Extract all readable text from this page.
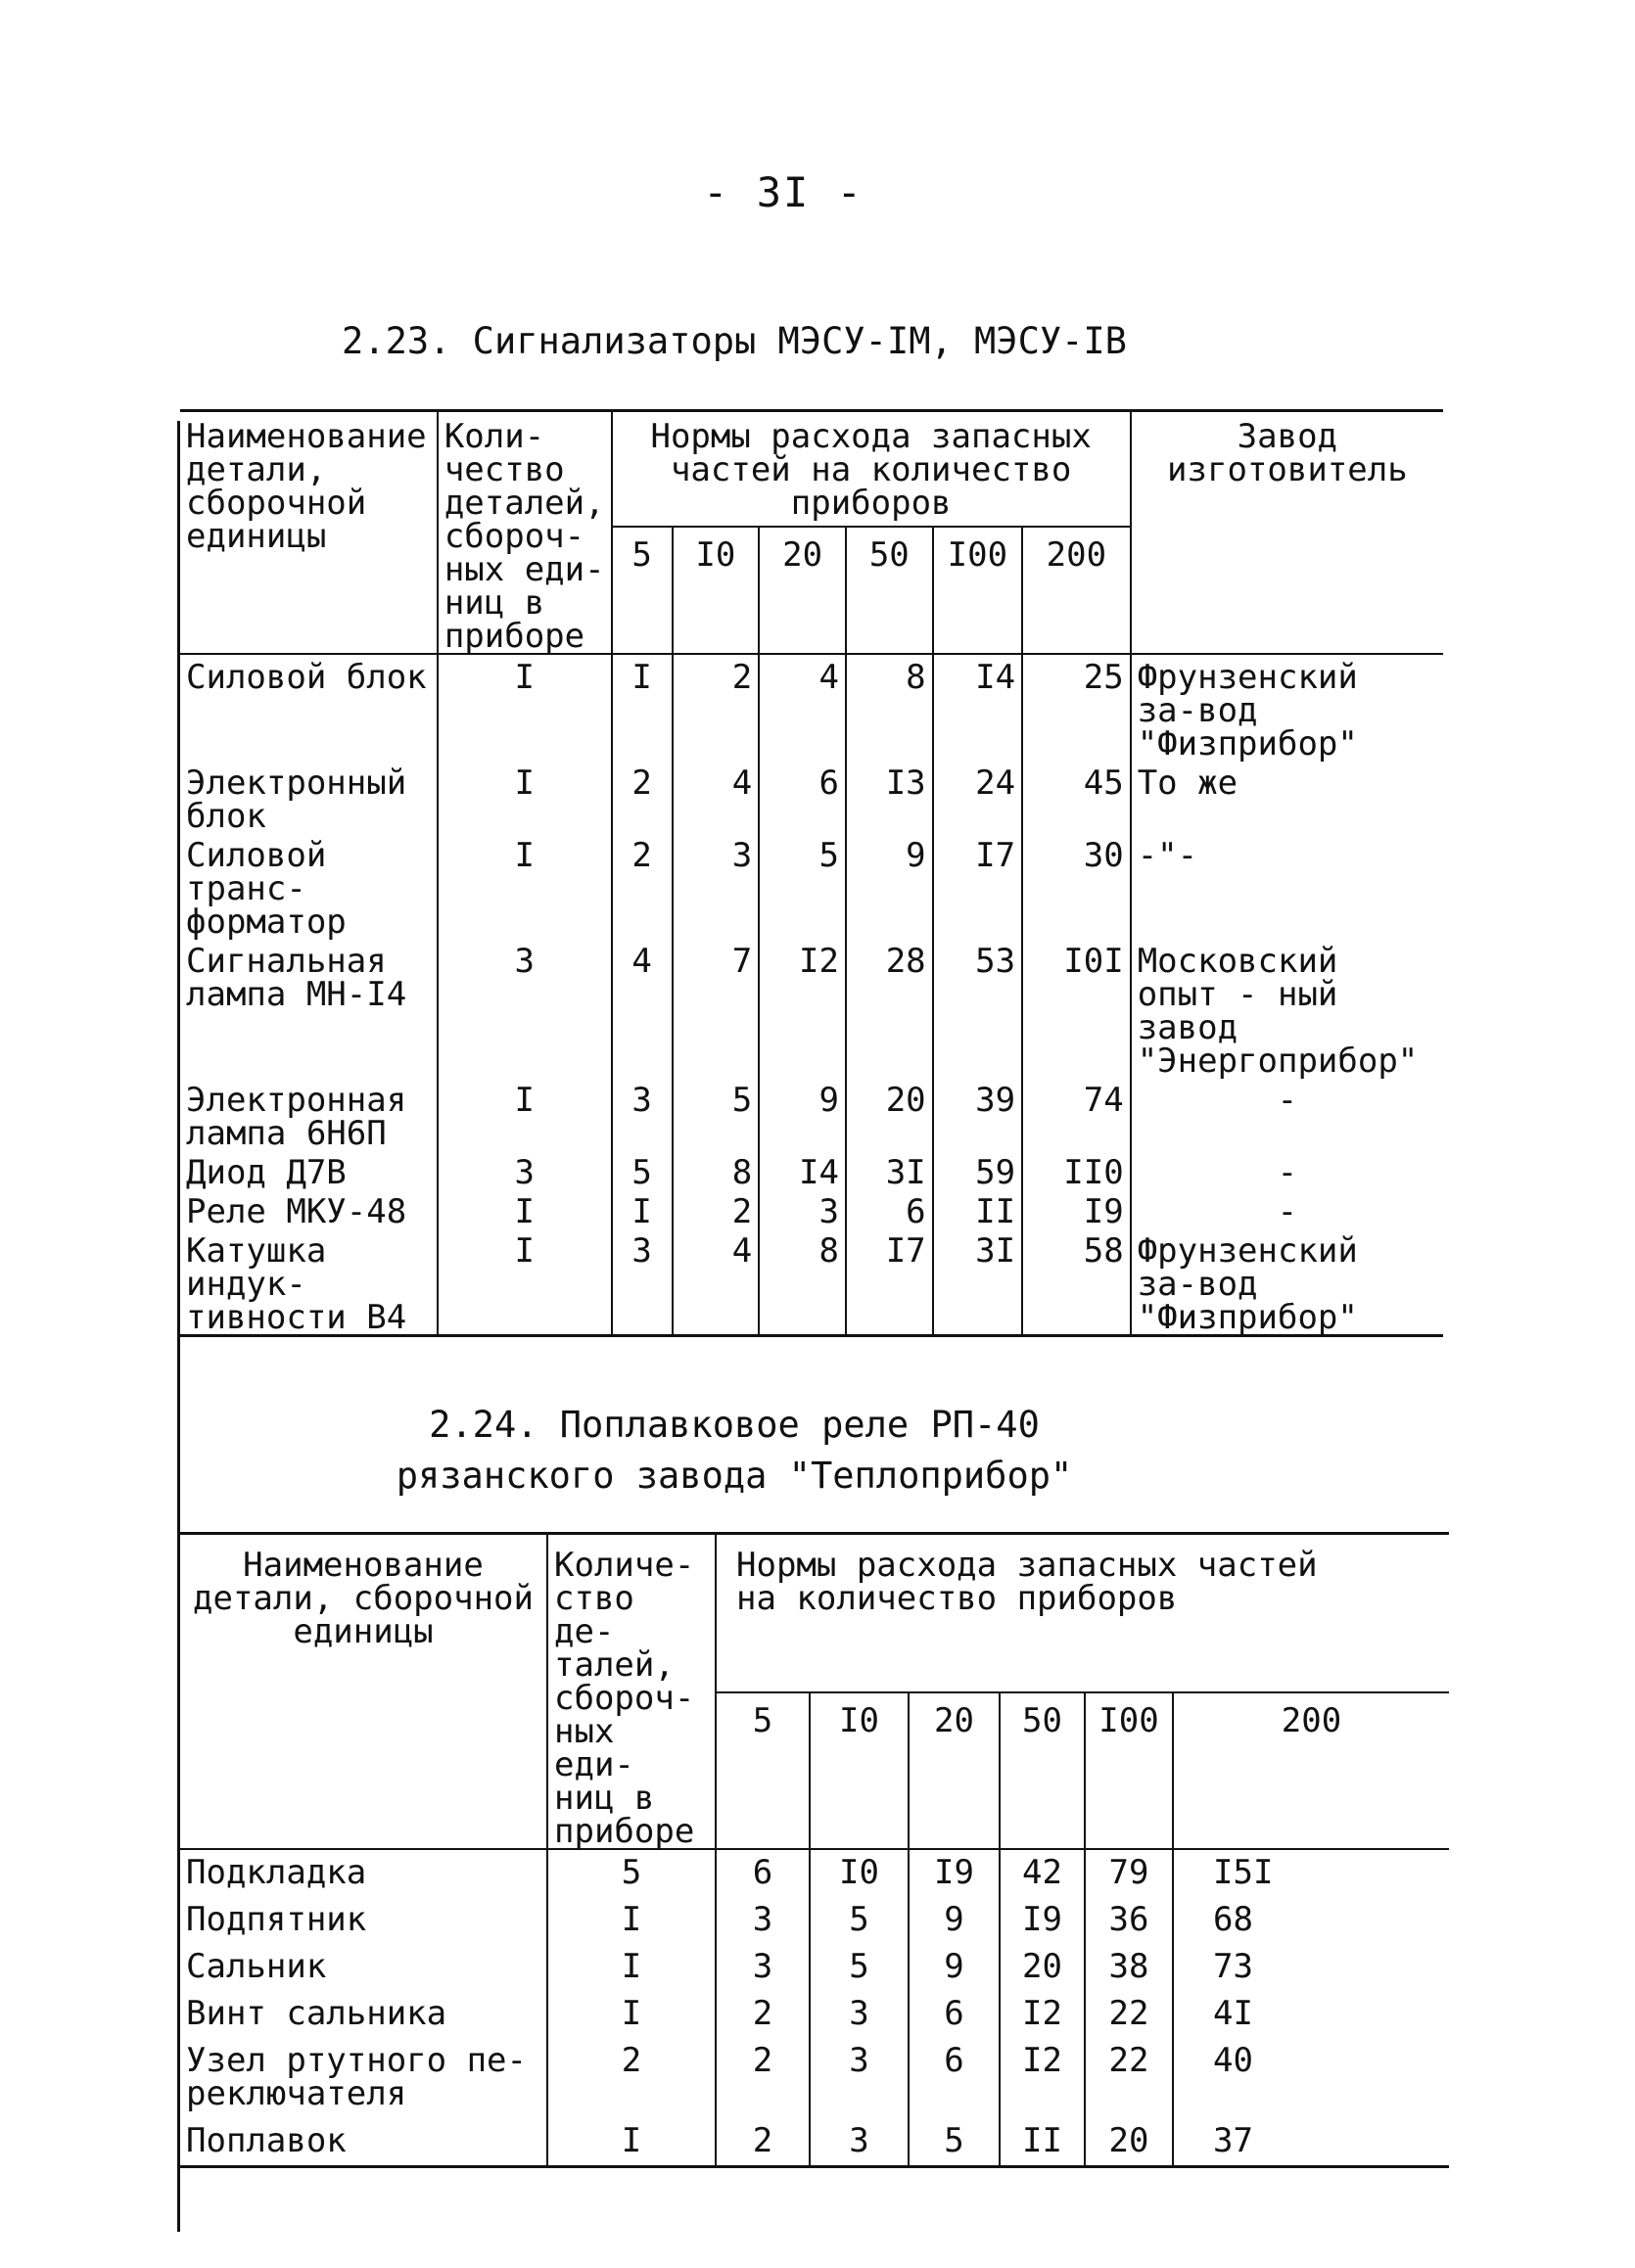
- 3I -
2.23. Сигнализаторы МЭСУ-IM, МЭСУ-IB
Наименование детали, сборочной единицы	Коли- чество деталей, сбороч- ных еди- ниц в приборе	Нормы расхода запасных частей на количество приборов						Завод изготовитель
		5	I0	20	50	I00	200	
Силовой блок	I	I	2	4	8	I4	25	Фрунзенский за-вод "Физприбор"
Электронный блок	I	2	4	6	I3	24	45	То же
Силовой транс-форматор	I	2	3	5	9	I7	30	-"-
Сигнальная лампа МН-I4	3	4	7	I2	28	53	I0I	Московский опыт - ный завод "Энергоприбор"
Электронная лампа 6Н6П	I	3	5	9	20	39	74	-
Диод Д7В	3	5	8	I4	3I	59	II0	-
Реле МКУ-48	I	I	2	3	6	II	I9	-
Катушка индук-тивности В4	I	3	4	8	I7	3I	58	Фрунзенский за-вод "Физприбор"
2.24. Поплавковое реле РП-40
рязанского завода "Теплоприбор"
Наименование детали, сборочной единицы	Количе- ство де- талей, сбороч- ных еди- ниц в приборе	Нормы расхода запасных частей на количество приборов					
		5	I0	20	50	I00	200
Подкладка	5	6	I0	I9	42	79	I5I
Подпятник	I	3	5	9	I9	36	68
Сальник	I	3	5	9	20	38	73
Винт сальника	I	2	3	6	I2	22	4I
Узел ртутного пе-реключателя	2	2	3	6	I2	22	40
Поплавок	I	2	3	5	II	20	37
